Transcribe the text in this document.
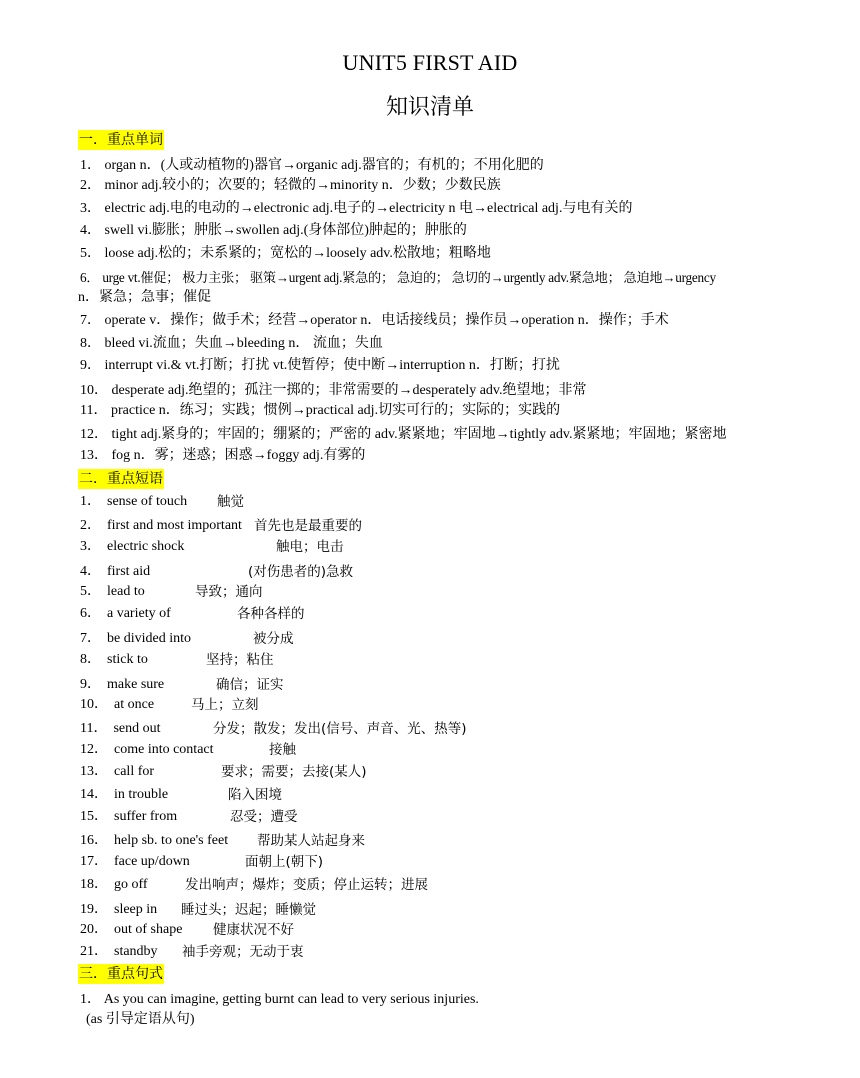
UNIT5 FIRST AID
知识清单
一．重点单词
1． organ n．(人或动植物的)器官→organic adj.器官的；有机的；不用化肥的
2． minor adj.较小的；次要的；轻微的→minority n．少数；少数民族
3． electric adj.电的电动的→electronic adj.电子的→electricity n 电→electrical adj.与电有关的
4． swell vi.膨胀；肿胀→swollen adj.(身体部位)肿起的；肿胀的
5． loose adj.松的；未系紧的；宽松的→loosely adv.松散地；粗略地
6． urge vt.催促； 极力主张； 驱策→urgent adj.紧急的； 急迫的； 急切的→urgently adv.紧急地； 急迫地→urgency
n．紧急；急事；催促
7． operate v．操作；做手术；经营→operator n．电话接线员；操作员→operation n．操作；手术
8． bleed vi.流血；失血→bleeding n． 流血；失血
9． interrupt vi.& vt.打断；打扰 vt.使暂停；使中断→interruption n．打断；打扰
10． desperate adj.绝望的；孤注一掷的；非常需要的→desperately adv.绝望地；非常
11． practice n．练习；实践；惯例→practical adj.切实可行的；实际的；实践的
12． tight adj.紧身的；牢固的；绷紧的；严密的 adv.紧紧地；牢固地→tightly adv.紧紧地；牢固地；紧密地
13． fog n．雾；迷惑；困惑→foggy adj.有雾的
二．重点短语
1． sense of touch 触觉
2． first and most important 首先也是最重要的
3． electric shock	触电；电击
4． first aid	(对伤患者的)急救
5． lead to	导致；通向
6． a variety of	各种各样的
7． be divided into	被分成
8． stick to	坚持；粘住
9． make sure	确信；证实
10． at once	马上；立刻
11． send out	分发；散发；发出(信号、声音、光、热等)
12． come into contact	接触
13． call for	要求；需要；去接(某人)
14． in trouble	陷入困境
15． suffer from	忍受；遭受
16． help sb. to one's feet 帮助某人站起身来
17． face up/down	面朝上(朝下)
18． go off	发出响声；爆炸；变质；停止运转；进展
19． sleep in 睡过头；迟起；睡懒觉
20． out of shape 健康状况不好
21． standby 袖手旁观；无动于衷
三．重点句式
1． As you can imagine, getting burnt can lead to very serious injuries.
(as 引导定语从句)
